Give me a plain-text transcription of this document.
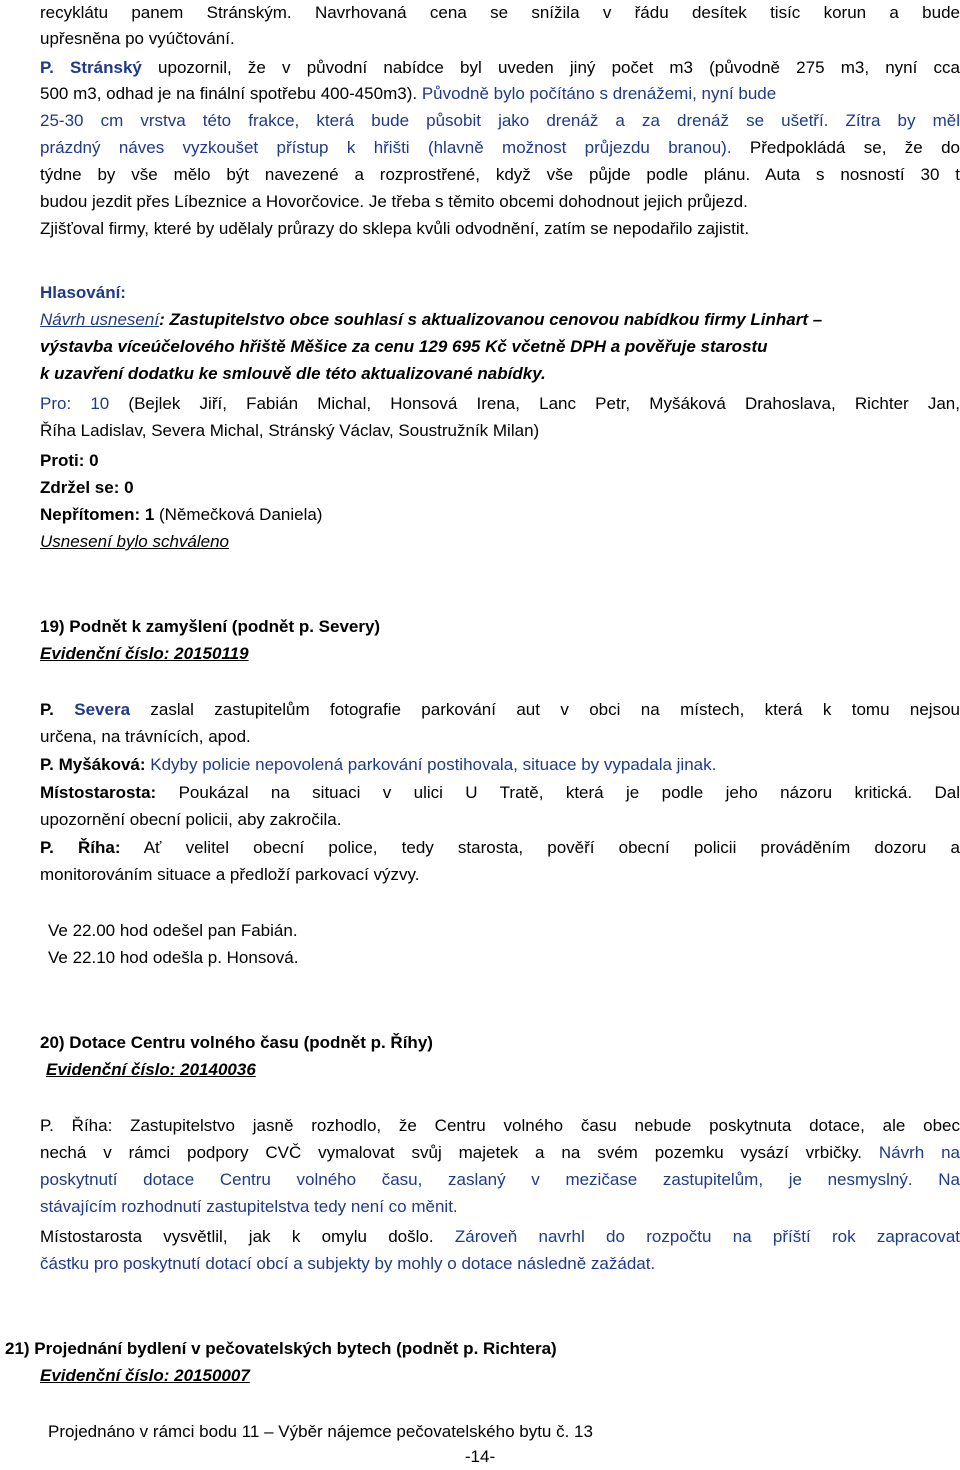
recyklátu panem Stránským. Navrhovaná cena se snížila v řádu desítek tisíc korun a bude
upřesněna po vyúčtování.
P. Stránský upozornil, že v původní nabídce byl uveden jiný počet m3 (původně 275 m3, nyní cca
500 m3, odhad je na finální spotřebu 400-450m3). Původně bylo počítáno s drenážemi, nyní bude
25-30 cm vrstva této frakce, která bude působit jako drenáž a za drenáž se ušetří. Zítra by měl
prázdný náves vyzkoušet přístup k hřišti (hlavně možnost průjezdu branou). Předpokládá se, že do
týdne by vše mělo být navezené a rozprostřené, když vše půjde podle plánu. Auta s nosností 30 t
budou jezdit přes Líbeznice a Hovorčovice. Je třeba s těmito obcemi dohodnout jejich průjezd.
Zjišťoval firmy, které by udělaly průrazy do sklepa kvůli odvodnění, zatím se nepodařilo zajistit.
Hlasování:
Návrh usnesení: Zastupitelstvo obce souhlasí s aktualizovanou cenovou nabídkou firmy Linhart –
výstavba víceúčelového hřiště Měšice za cenu 129 695 Kč včetně DPH a pověřuje starostu
k uzavření dodatku ke smlouvě dle této aktualizované nabídky.
Pro: 10 (Bejlek Jiří, Fabián Michal, Honsová Irena, Lanc Petr, Myšáková Drahoslava, Richter Jan,
Říha Ladislav, Severa Michal, Stránský Václav, Soustružník Milan)
Proti: 0
Zdržel se: 0
Nepřítomen: 1 (Němečková Daniela)
Usnesení bylo schváleno
19) Podnět k zamyšlení (podnět p. Severy)
Evidenční číslo: 20150119
P. Severa zaslal zastupitelům fotografie parkování aut v obci na místech, která k tomu nejsou
určena, na trávnících, apod.
P. Myšáková: Kdyby policie nepovolená parkování postihovala, situace by vypadala jinak.
Místostarosta: Poukázal na situaci v ulici U Tratě, která je podle jeho názoru kritická. Dal
upozornění obecní policii, aby zakročila.
P. Říha: Ať velitel obecní police, tedy starosta, pověří obecní policii prováděním dozoru a
monitorováním situace a předloží parkovací výzvy.
Ve 22.00 hod odešel pan Fabián.
Ve 22.10 hod odešla p. Honsová.
20) Dotace Centru volného času (podnět p. Říhy)
Evidenční číslo: 20140036
P. Říha: Zastupitelstvo jasně rozhodlo, že Centru volného času nebude poskytnuta dotace, ale obec
nechá v rámci podpory CVČ vymalovat svůj majetek a na svém pozemku vysází vrbičky. Návrh na
poskytnutí dotace Centru volného času, zaslaný v mezičase zastupitelům, je nesmyslný. Na
stávajícím rozhodnutí zastupitelstva tedy není co měnit.
Místostarosta vysvětlil, jak k omylu došlo. Zároveň navrhl do rozpočtu na příští rok zapracovat
částku pro poskytnutí dotací obcí a subjekty by mohly o dotace následně zažádat.
21) Projednání bydlení v pečovatelských bytech (podnět p. Richtera)
Evidenční číslo: 20150007
Projednáno v rámci bodu 11 – Výběr nájemce pečovatelského bytu č. 13
-14-
